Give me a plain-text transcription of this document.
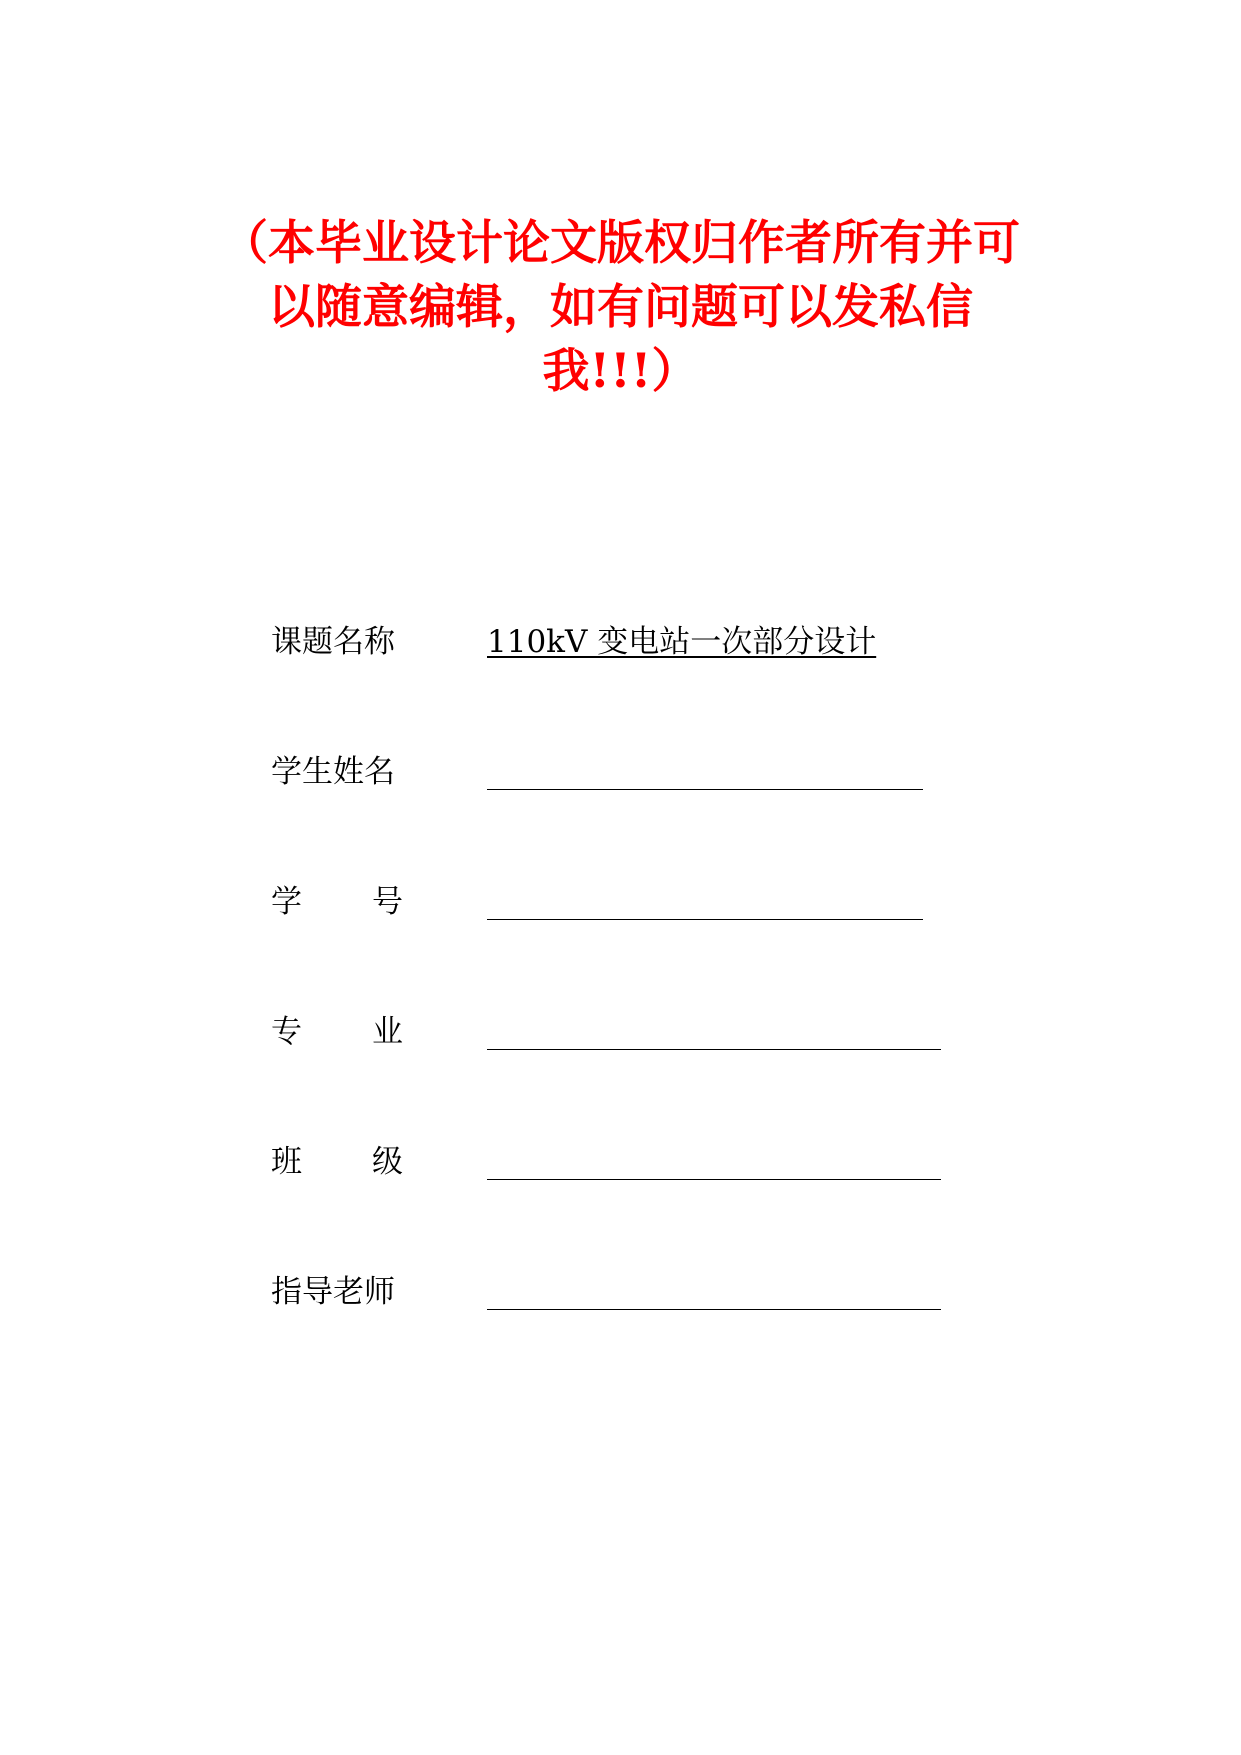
（本毕业设计论文版权归作者所有并可
以随意编辑，如有问题可以发私信
我!!!）
课题名称	110kV 变电站一次部分设计
学生姓名
学 号
专 业
班 级
指导老师
